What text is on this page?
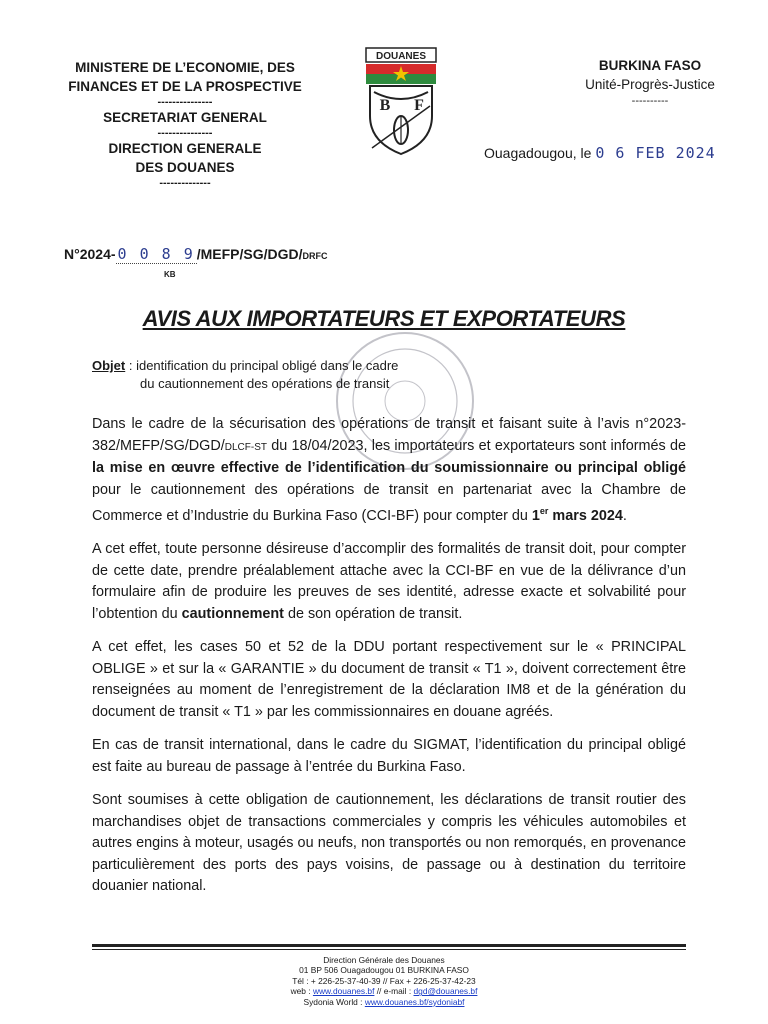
MINISTERE DE L’ECONOMIE, DES
FINANCES ET DE LA PROSPECTIVE
---------------
SECRETARIAT GENERAL
---------------
DIRECTION GENERALE
DES DOUANES
--------------
DOUANES
B F
BURKINA FASO
Unité-Progrès-Justice
----------
Ouagadougou, le 0 6 FEB 2024
N°2024- 0 0 8 9 /MEFP/SG/DGD/DRFC
KB
AVIS AUX IMPORTATEURS ET EXPORTATEURS
Objet : identification du principal obligé dans le cadre
du cautionnement des opérations de transit

Dans le cadre de la sécurisation des opérations de transit et faisant suite à l’avis n°2023-382/MEFP/SG/DGD/DLCF-ST du 18/04/2023, les importateurs et exportateurs sont informés de la mise en œuvre effective de l’identification du soumissionnaire ou principal obligé pour le cautionnement des opérations de transit en partenariat avec la Chambre de Commerce et d’Industrie du Burkina Faso (CCI-BF) pour compter du 1er mars 2024.

A cet effet, toute personne désireuse d’accomplir des formalités de transit doit, pour compter de cette date, prendre préalablement attache avec la CCI-BF en vue de la délivrance d’un formulaire afin de produire les preuves de ses identité, adresse exacte et solvabilité pour l’obtention du cautionnement de son opération de transit.

A cet effet, les cases 50 et 52 de la DDU portant respectivement sur le « PRINCIPAL OBLIGE » et sur la « GARANTIE » du document de transit « T1 », doivent correctement être renseignées au moment de l’enregistrement de la déclaration IM8 et de la génération du document de transit « T1 » par les commissionnaires en douane agréés.

En cas de transit international, dans le cadre du SIGMAT, l’identification du principal obligé est faite au bureau de passage à l’entrée du Burkina Faso.

Sont soumises à cette obligation de cautionnement, les déclarations de transit routier des marchandises objet de transactions commerciales y compris les véhicules automobiles et autres engins à moteur, usagés ou neufs, non transportés ou non remorqués, en provenance particulièrement des ports des pays voisins, de passage ou à destination du territoire douanier national.

Direction Générale des Douanes
01 BP 506 Ouagadougou 01 BURKINA FASO
Tél : + 226-25-37-40-39 // Fax + 226-25-37-42-23
web : www.douanes.bf // e-mail : dgd@douanes.bf
Sydonia World : www.douanes.bf/sydoniabf
